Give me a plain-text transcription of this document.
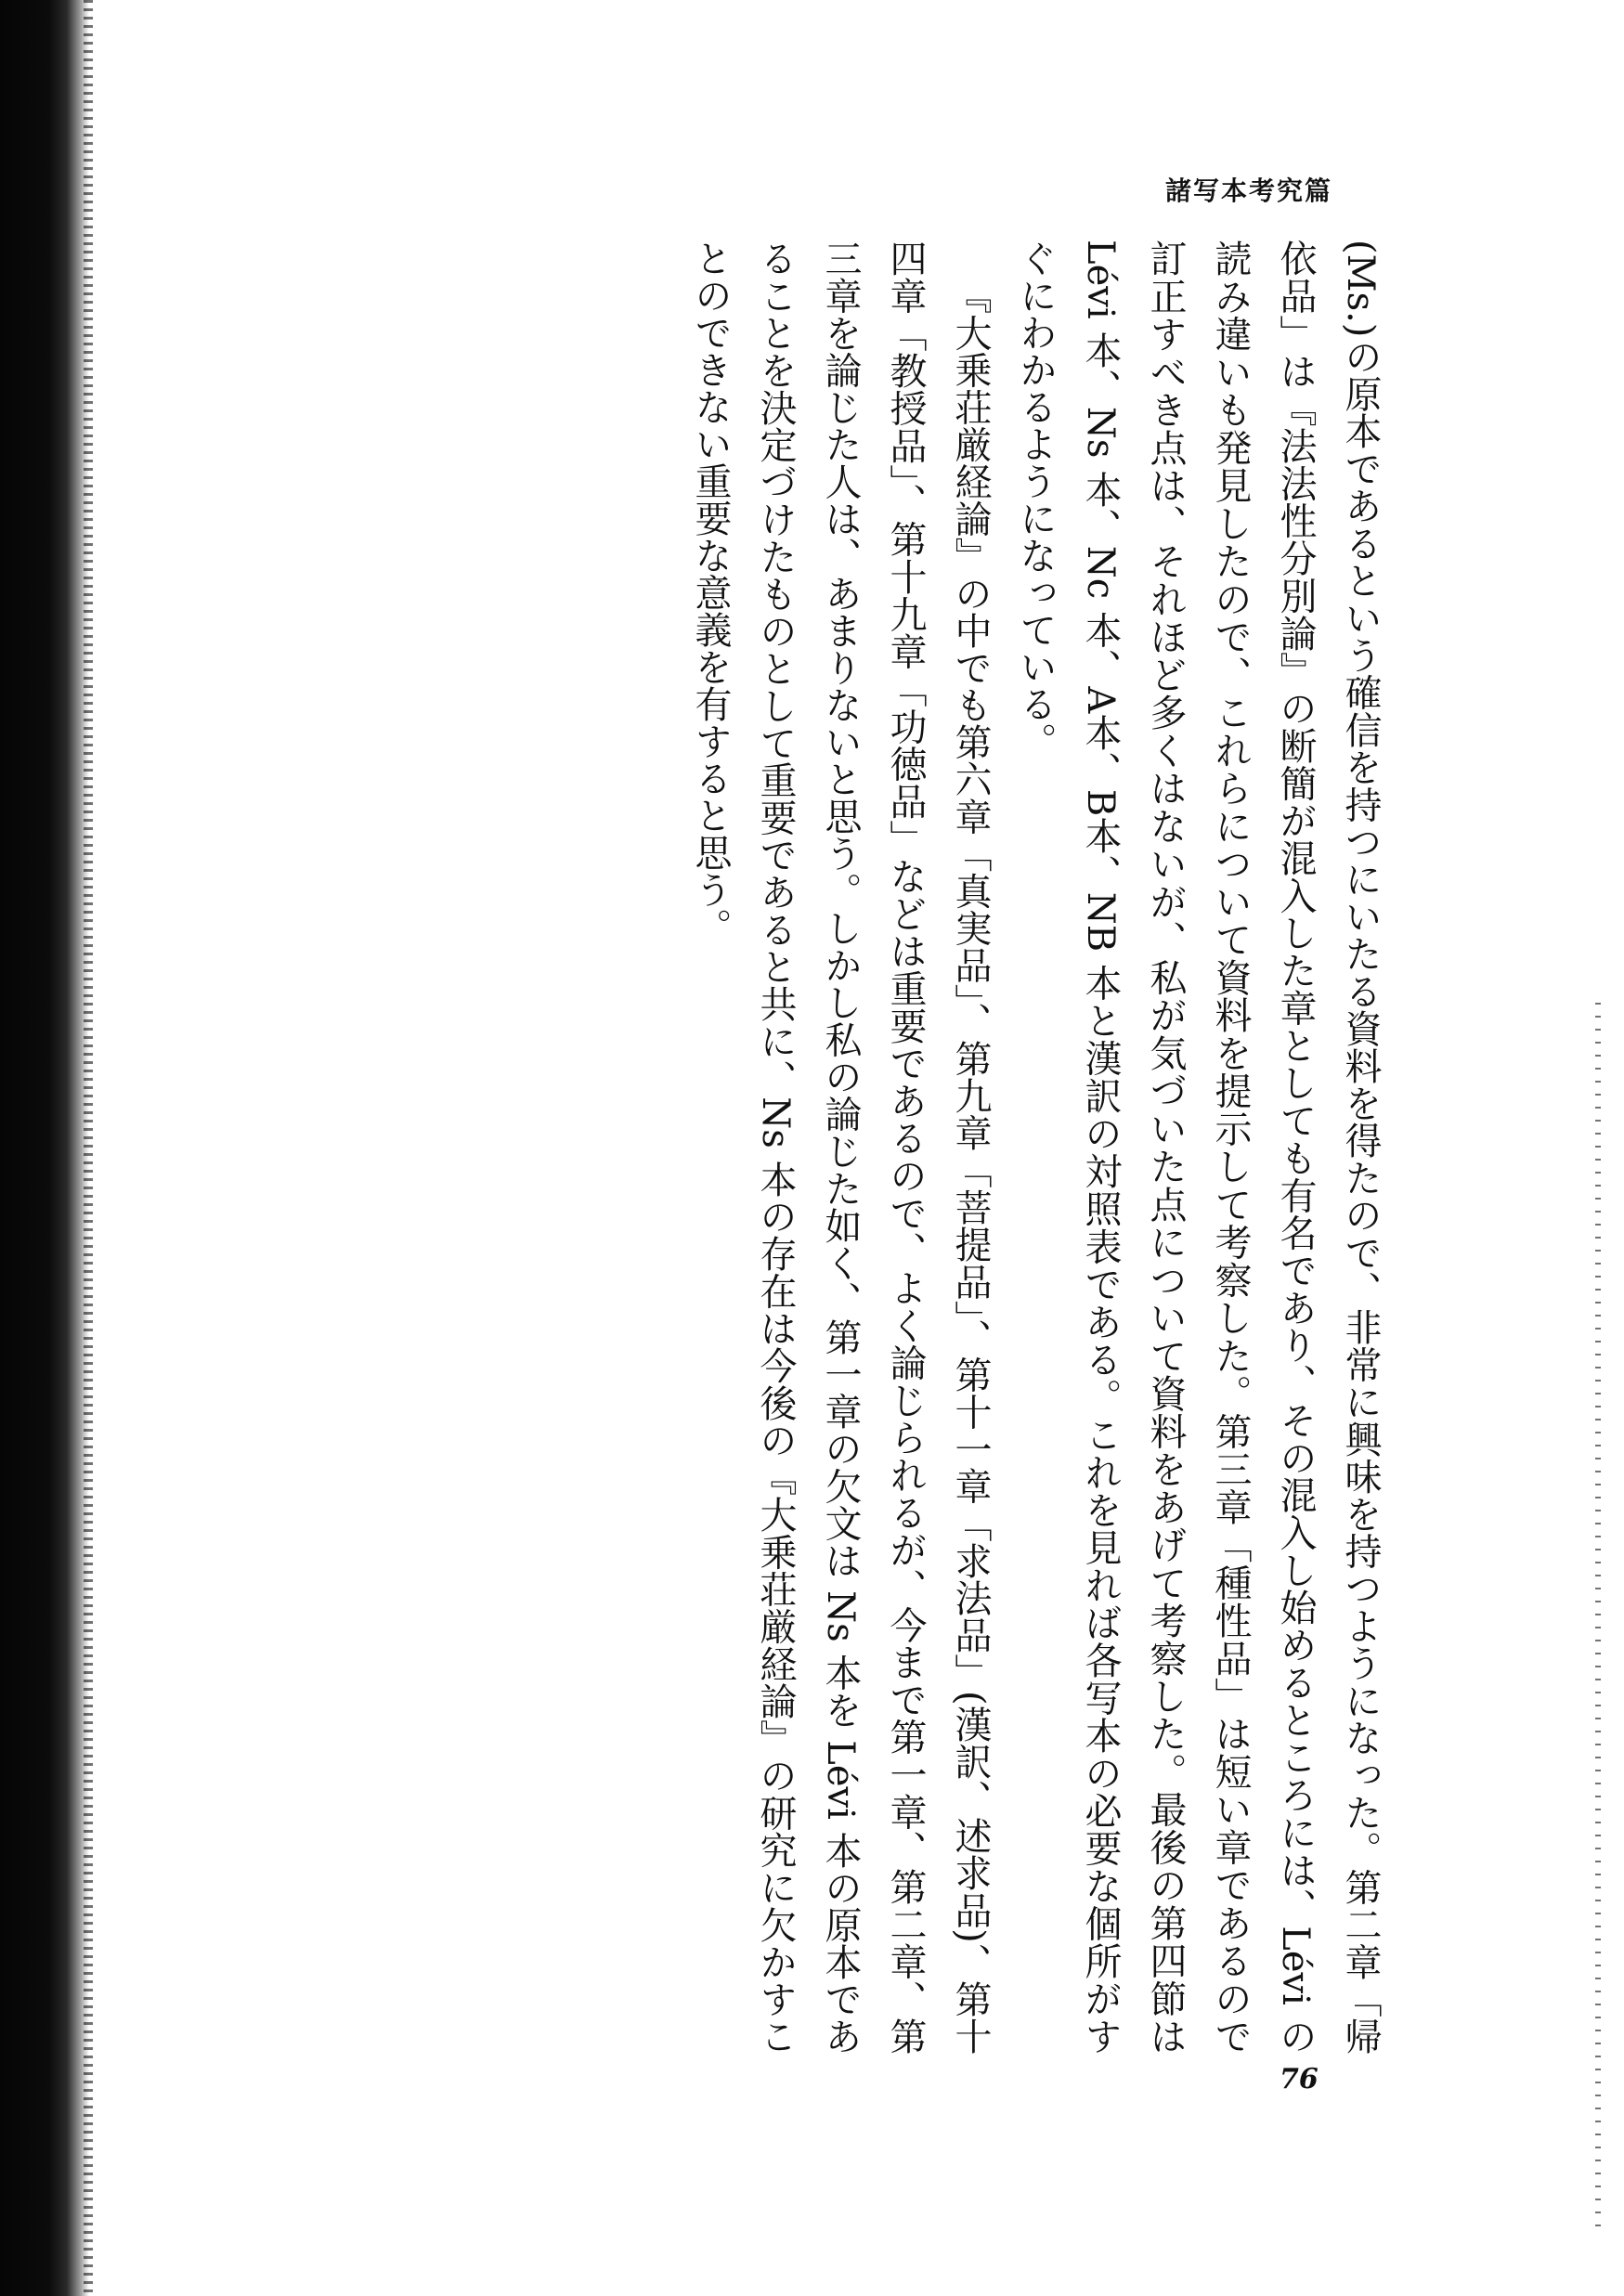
諸写本考究篇

(Ms.)の原本であるという確信を持つにいたる資料を得たので、非常に興味を持つようになった。第二章「帰依品」は『法法性分別論』の断簡が混入した章としても有名であり、その混入し始めるところには、Lévi の読み違いも発見したので、これらについて資料を提示して考察した。第三章「種性品」は短い章であるので訂正すべき点は、それほど多くはないが、私が気づいた点について資料をあげて考察した。最後の第四節は Lévi 本、Ns 本、Nc 本、A本、B本、NB 本と漢訳の対照表である。これを見れば各写本の必要な個所がすぐにわかるようになっている。

『大乗荘厳経論』の中でも第六章「真実品」、第九章「菩提品」、第十一章「求法品」(漢訳、述求品)、第十四章「教授品」、第十九章「功徳品」などは重要であるので、よく論じられるが、今まで第一章、第二章、第三章を論じた人は、あまりないと思う。しかし私の論じた如く、第一章の欠文は Ns 本を Lévi 本の原本であることを決定づけたものとして重要であると共に、Ns 本の存在は今後の『大乗荘厳経論』の研究に欠かすことのできない重要な意義を有すると思う。

76
